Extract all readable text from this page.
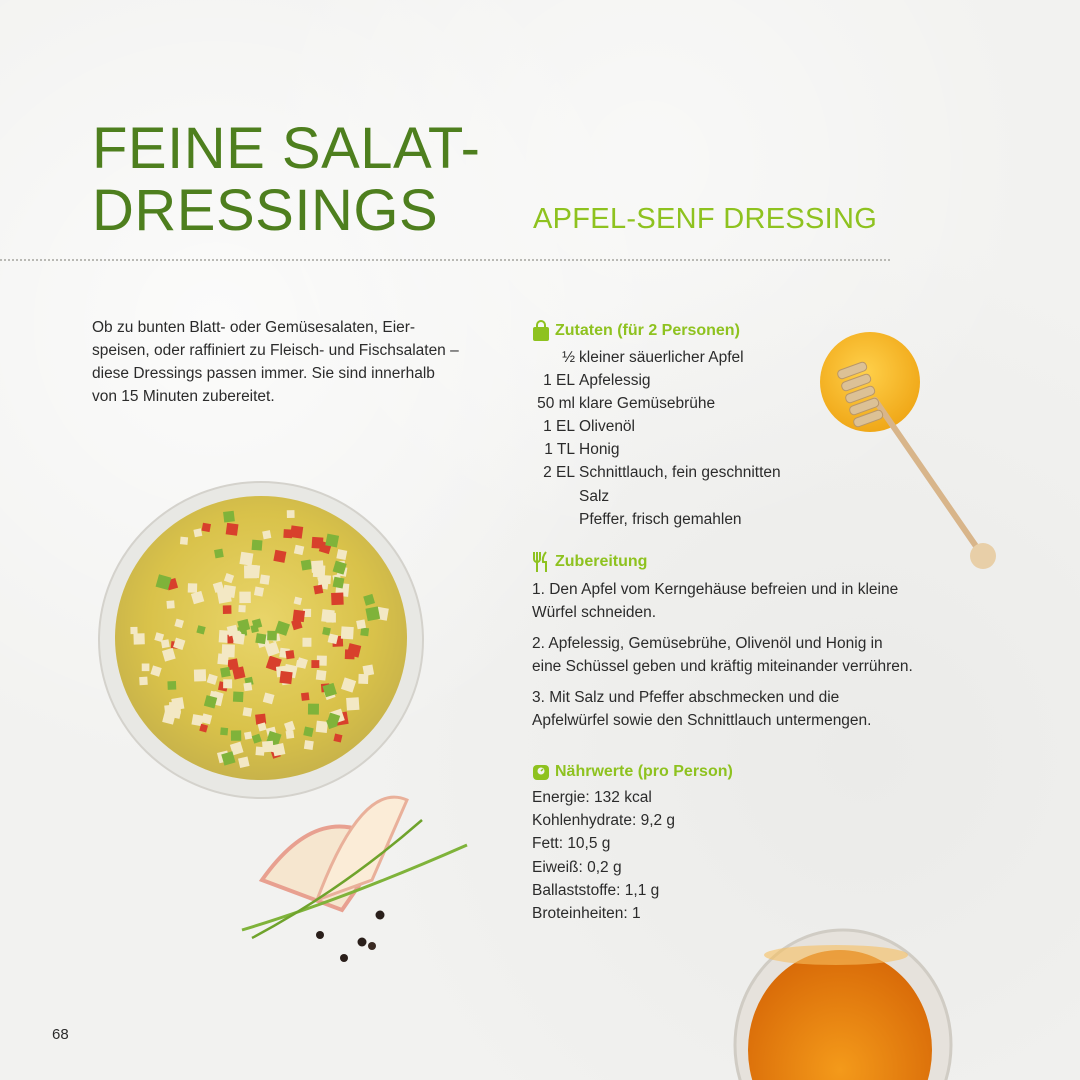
FEINE SALAT-
DRESSINGS	APFEL-SENF DRESSING

Ob zu bunten Blatt- oder Gemüsesalaten, Eier-
speisen, oder raffiniert zu Fleisch- und Fischsalaten –
diese Dressings passen immer. Sie sind innerhalb
von 15 Minuten zubereitet.

Zutaten (für 2 Personen)
½ kleiner säuerlicher Apfel
1 EL Apfelessig
50 ml klare Gemüsebrühe
1 EL Olivenöl
1 TL Honig
2 EL Schnittlauch, fein geschnitten
Salz
Pfeffer, frisch gemahlen
Zubereitung
1. Den Apfel vom Kerngehäuse befreien und in kleine
Würfel schneiden.
2. Apfelessig, Gemüsebrühe, Olivenöl und Honig in
eine Schüssel geben und kräftig miteinander verrühren.
3. Mit Salz und Pfeffer abschmecken und die
Apfelwürfel sowie den Schnittlauch untermengen.
Nährwerte (pro Person)
Energie: 132 kcal
Kohlenhydrate: 9,2 g
Fett: 10,5 g
Eiweiß: 0,2 g
Ballaststoffe: 1,1 g
Broteinheiten: 1
68
